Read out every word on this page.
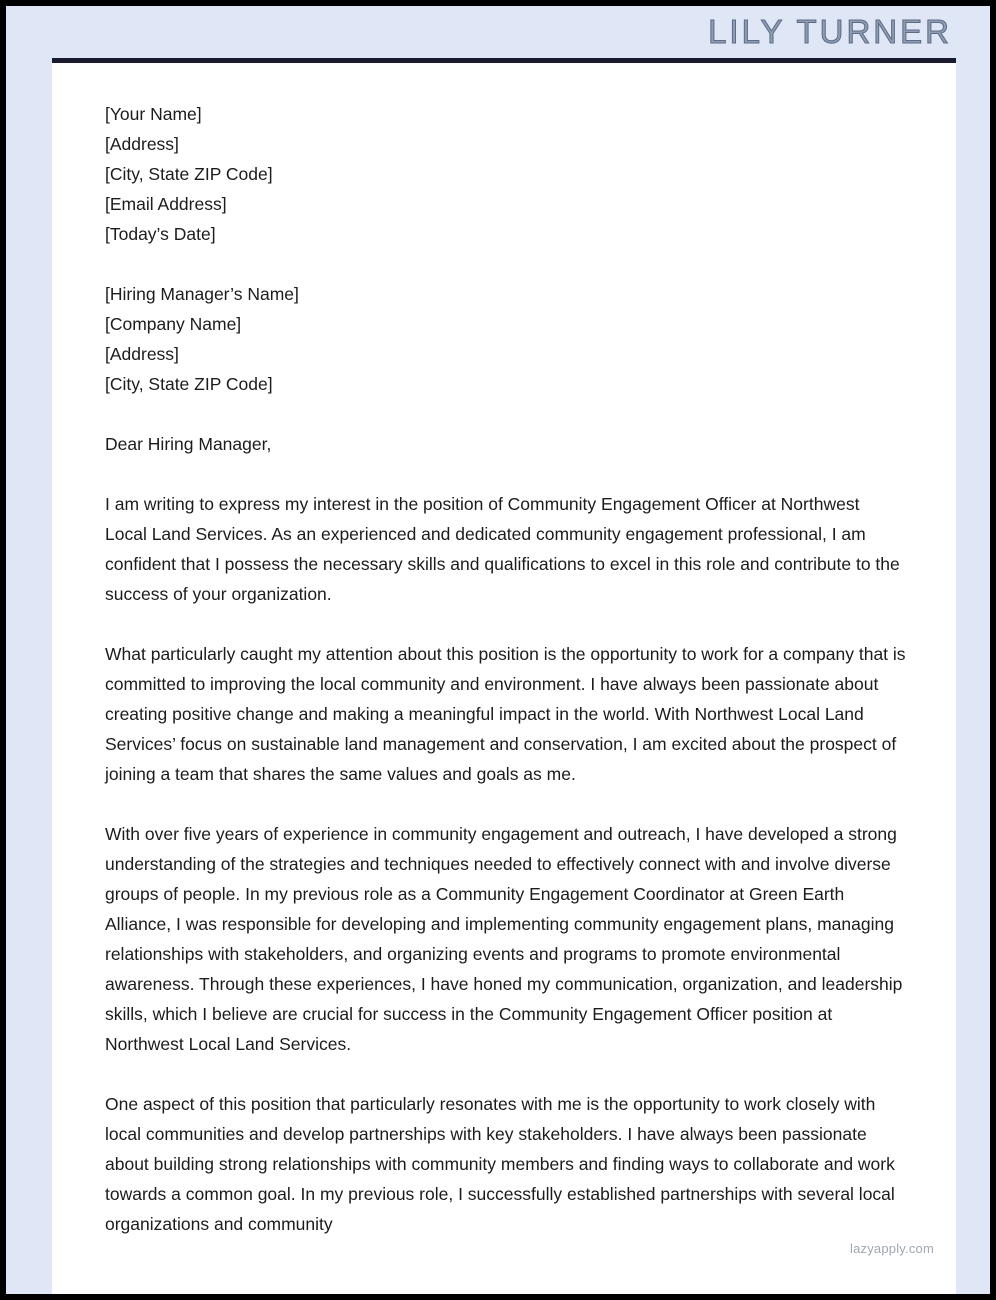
LILY TURNER
[Your Name]
[Address]
[City, State ZIP Code]
[Email Address]
[Today’s Date]
[Hiring Manager’s Name]
[Company Name]
[Address]
[City, State ZIP Code]
Dear Hiring Manager,

I am writing to express my interest in the position of Community Engagement Officer at Northwest Local Land Services. As an experienced and dedicated community engagement professional, I am confident that I possess the necessary skills and qualifications to excel in this role and contribute to the success of your organization.

What particularly caught my attention about this position is the opportunity to work for a company that is committed to improving the local community and environment. I have always been passionate about creating positive change and making a meaningful impact in the world. With Northwest Local Land Services’ focus on sustainable land management and conservation, I am excited about the prospect of joining a team that shares the same values and goals as me.

With over five years of experience in community engagement and outreach, I have developed a strong understanding of the strategies and techniques needed to effectively connect with and involve diverse groups of people. In my previous role as a Community Engagement Coordinator at Green Earth Alliance, I was responsible for developing and implementing community engagement plans, managing relationships with stakeholders, and organizing events and programs to promote environmental awareness. Through these experiences, I have honed my communication, organization, and leadership skills, which I believe are crucial for success in the Community Engagement Officer position at Northwest Local Land Services.

One aspect of this position that particularly resonates with me is the opportunity to work closely with local communities and develop partnerships with key stakeholders. I have always been passionate about building strong relationships with community members and finding ways to collaborate and work towards a common goal. In my previous role, I successfully established partnerships with several local organizations and community

lazyapply.com
